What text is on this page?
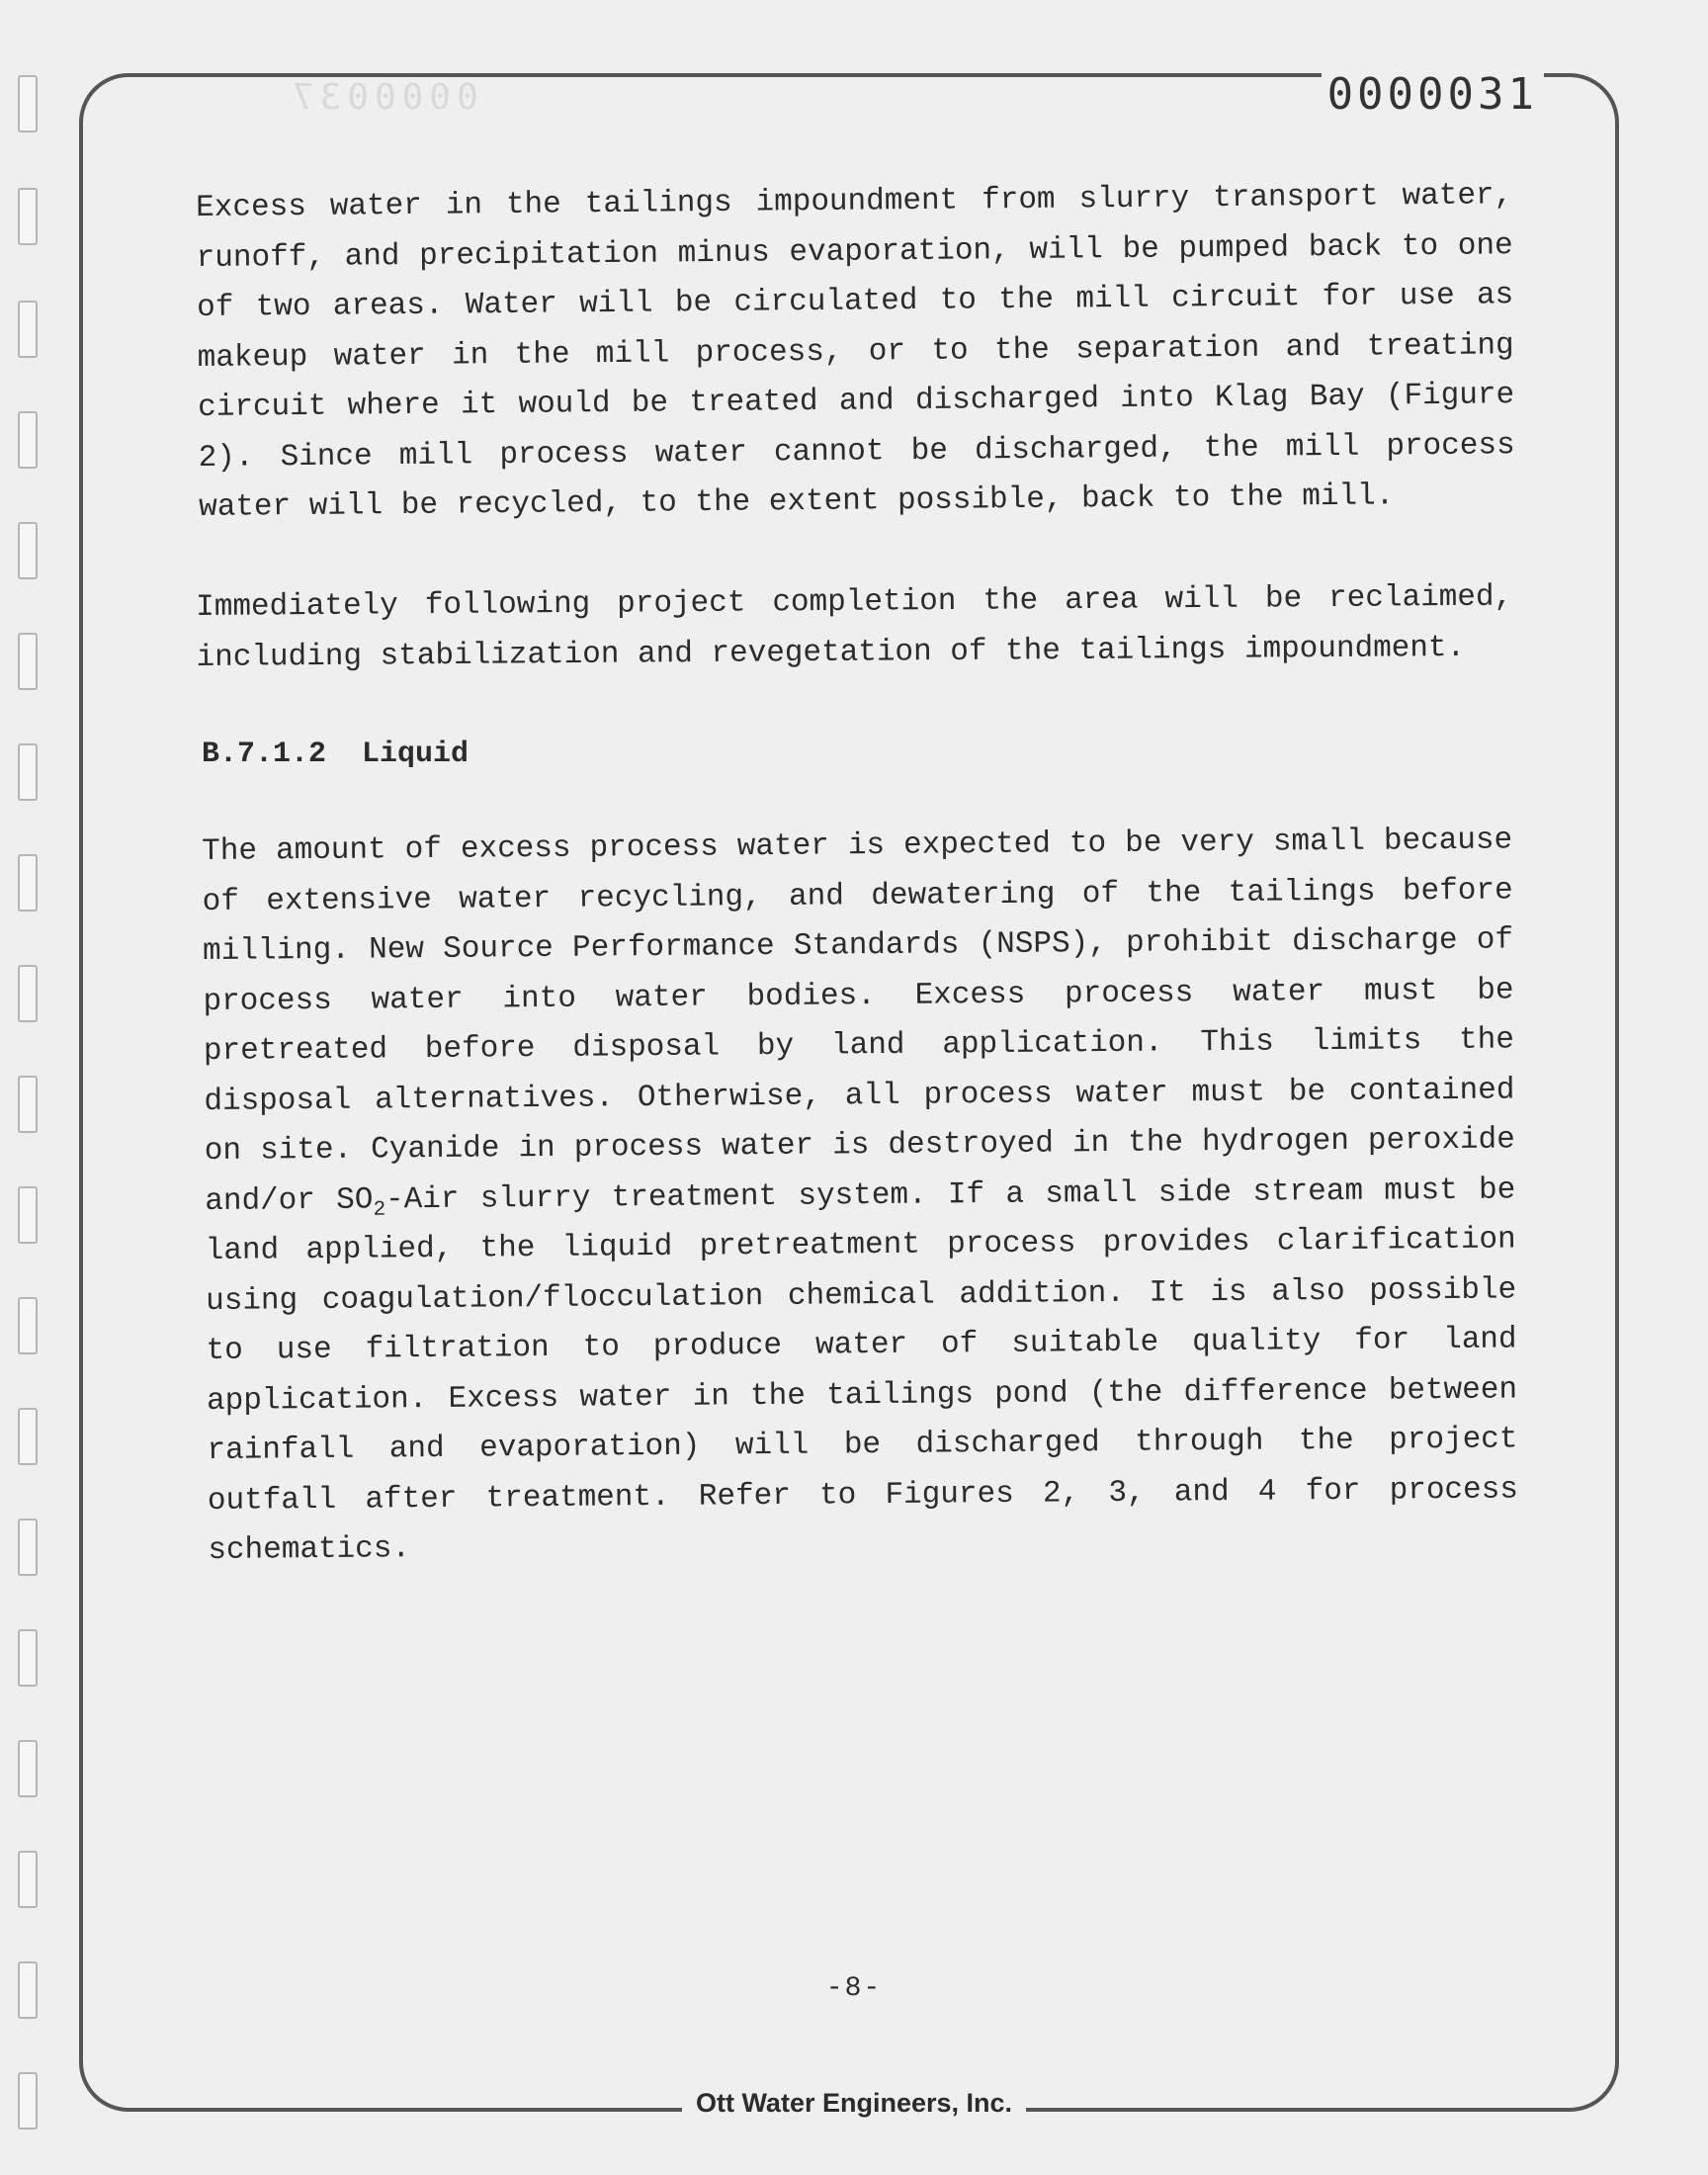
0000037	0000031

Excess water in the tailings impoundment from slurry transport water, runoff, and precipitation minus evaporation, will be pumped back to one of two areas. Water will be circulated to the mill circuit for use as makeup water in the mill process, or to the separation and treating circuit where it would be treated and discharged into Klag Bay (Figure 2). Since mill process water cannot be discharged, the mill process water will be recycled, to the extent possible, back to the mill.

Immediately following project completion the area will be reclaimed, including stabilization and revegetation of the tailings impoundment.

B.7.1.2 Liquid

The amount of excess process water is expected to be very small because of extensive water recycling, and dewatering of the tailings before milling. New Source Performance Standards (NSPS), prohibit discharge of process water into water bodies. Excess process water must be pretreated before disposal by land application. This limits the disposal alternatives. Otherwise, all process water must be contained on site. Cyanide in process water is destroyed in the hydrogen peroxide and/or $SO_2$-Air slurry treatment system. If a small side stream must be land applied, the liquid pretreatment process provides clarification using coagulation/flocculation chemical addition. It is also possible to use filtration to produce water of suitable quality for land application. Excess water in the tailings pond (the difference between rainfall and evaporation) will be discharged through the project outfall after treatment. Refer to Figures 2, 3, and 4 for process schematics.

-8-
Ott Water Engineers, Inc.
